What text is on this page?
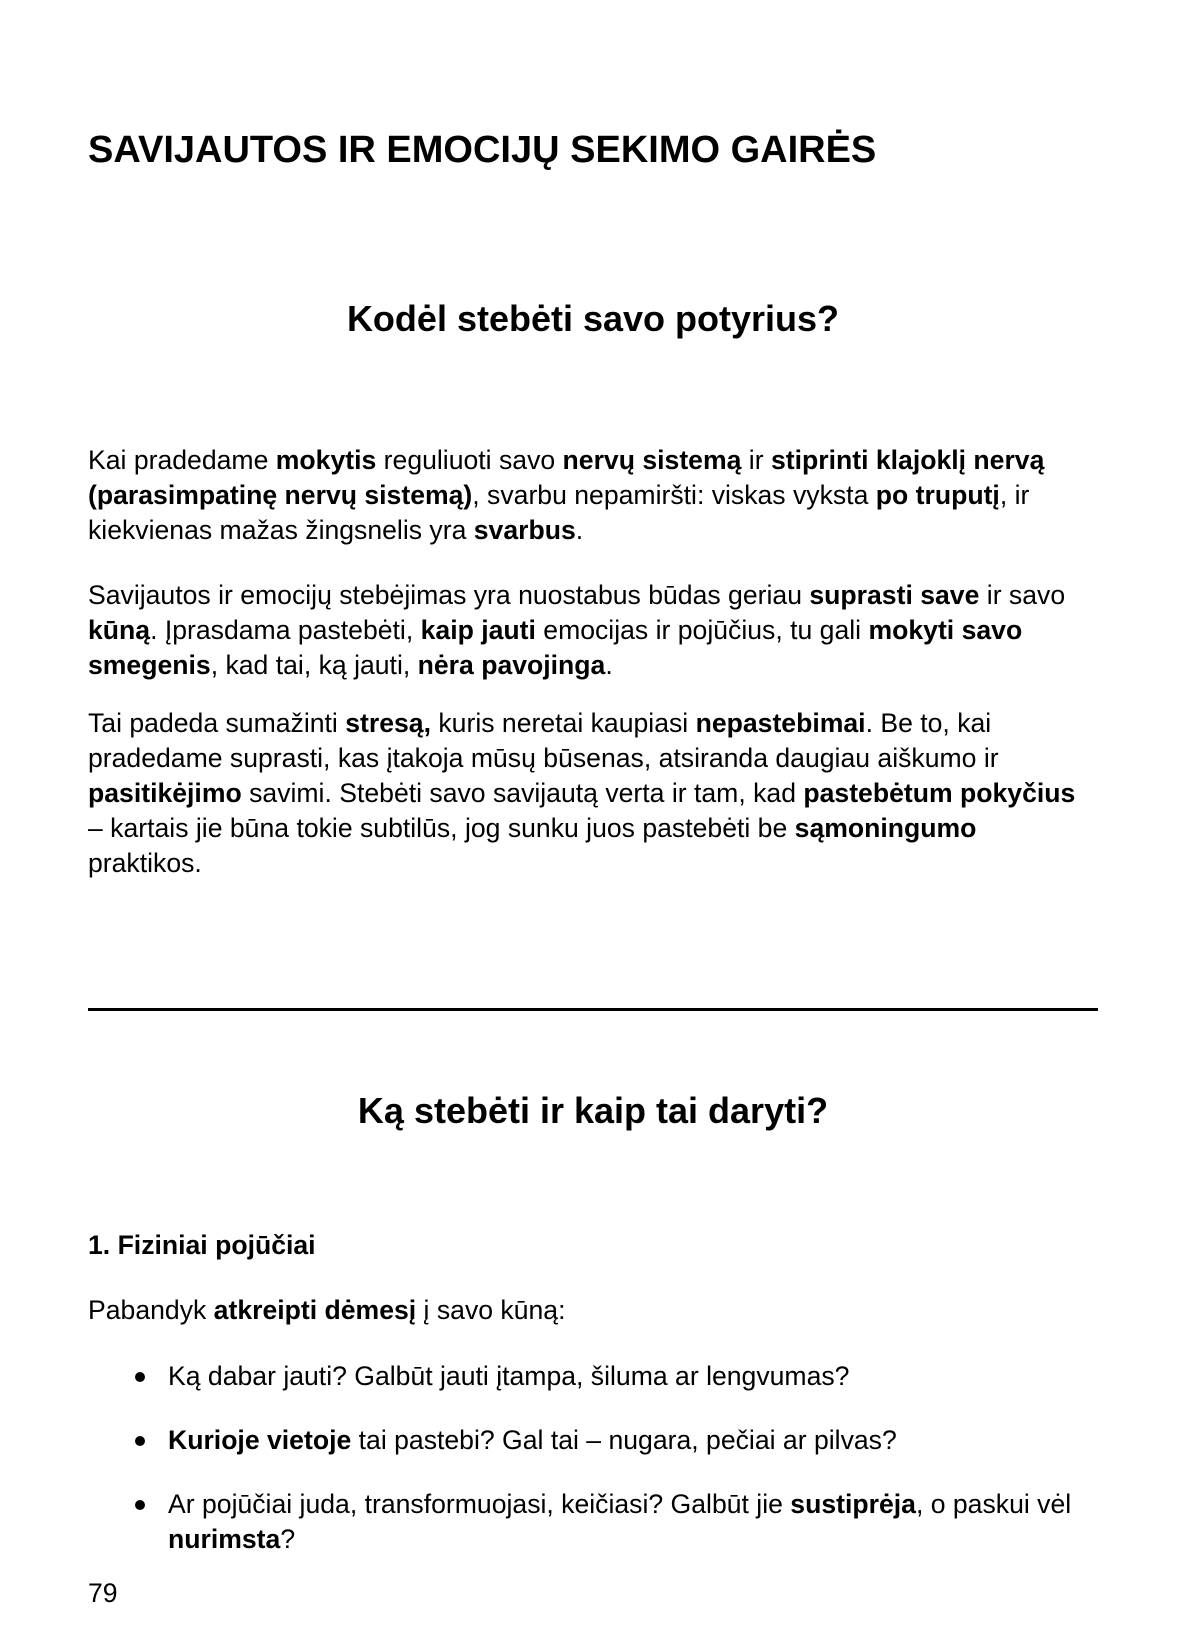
SAVIJAUTOS IR EMOCIJŲ SEKIMO GAIRĖS
Kodėl stebėti savo potyrius?

Kai pradedame mokytis reguliuoti savo nervų sistemą ir stiprinti klajoklį nervą (parasimpatinę nervų sistemą), svarbu nepamiršti: viskas vyksta po truputį, ir kiekvienas mažas žingsnelis yra svarbus.

Savijautos ir emocijų stebėjimas yra nuostabus būdas geriau suprasti save ir savo kūną. Įprasdama pastebėti, kaip jauti emocijas ir pojūčius, tu gali mokyti savo smegenis, kad tai, ką jauti, nėra pavojinga.

Tai padeda sumažinti stresą, kuris neretai kaupiasi nepastebimai. Be to, kai pradedame suprasti, kas įtakoja mūsų būsenas, atsiranda daugiau aiškumo ir pasitikėjimo savimi. Stebėti savo savijautą verta ir tam, kad pastebėtum pokyčius – kartais jie būna tokie subtilūs, jog sunku juos pastebėti be sąmoningumo praktikos.

Ką stebėti ir kaip tai daryti?
1. Fiziniai pojūčiai

Pabandyk atkreipti dėmesį į savo kūną:

Ką dabar jauti? Galbūt jauti įtampa, šiluma ar lengvumas?
Kurioje vietoje tai pastebi? Gal tai – nugara, pečiai ar pilvas?
Ar pojūčiai juda, transformuojasi, keičiasi? Galbūt jie sustiprėja, o paskui vėl nurimsta?
79
